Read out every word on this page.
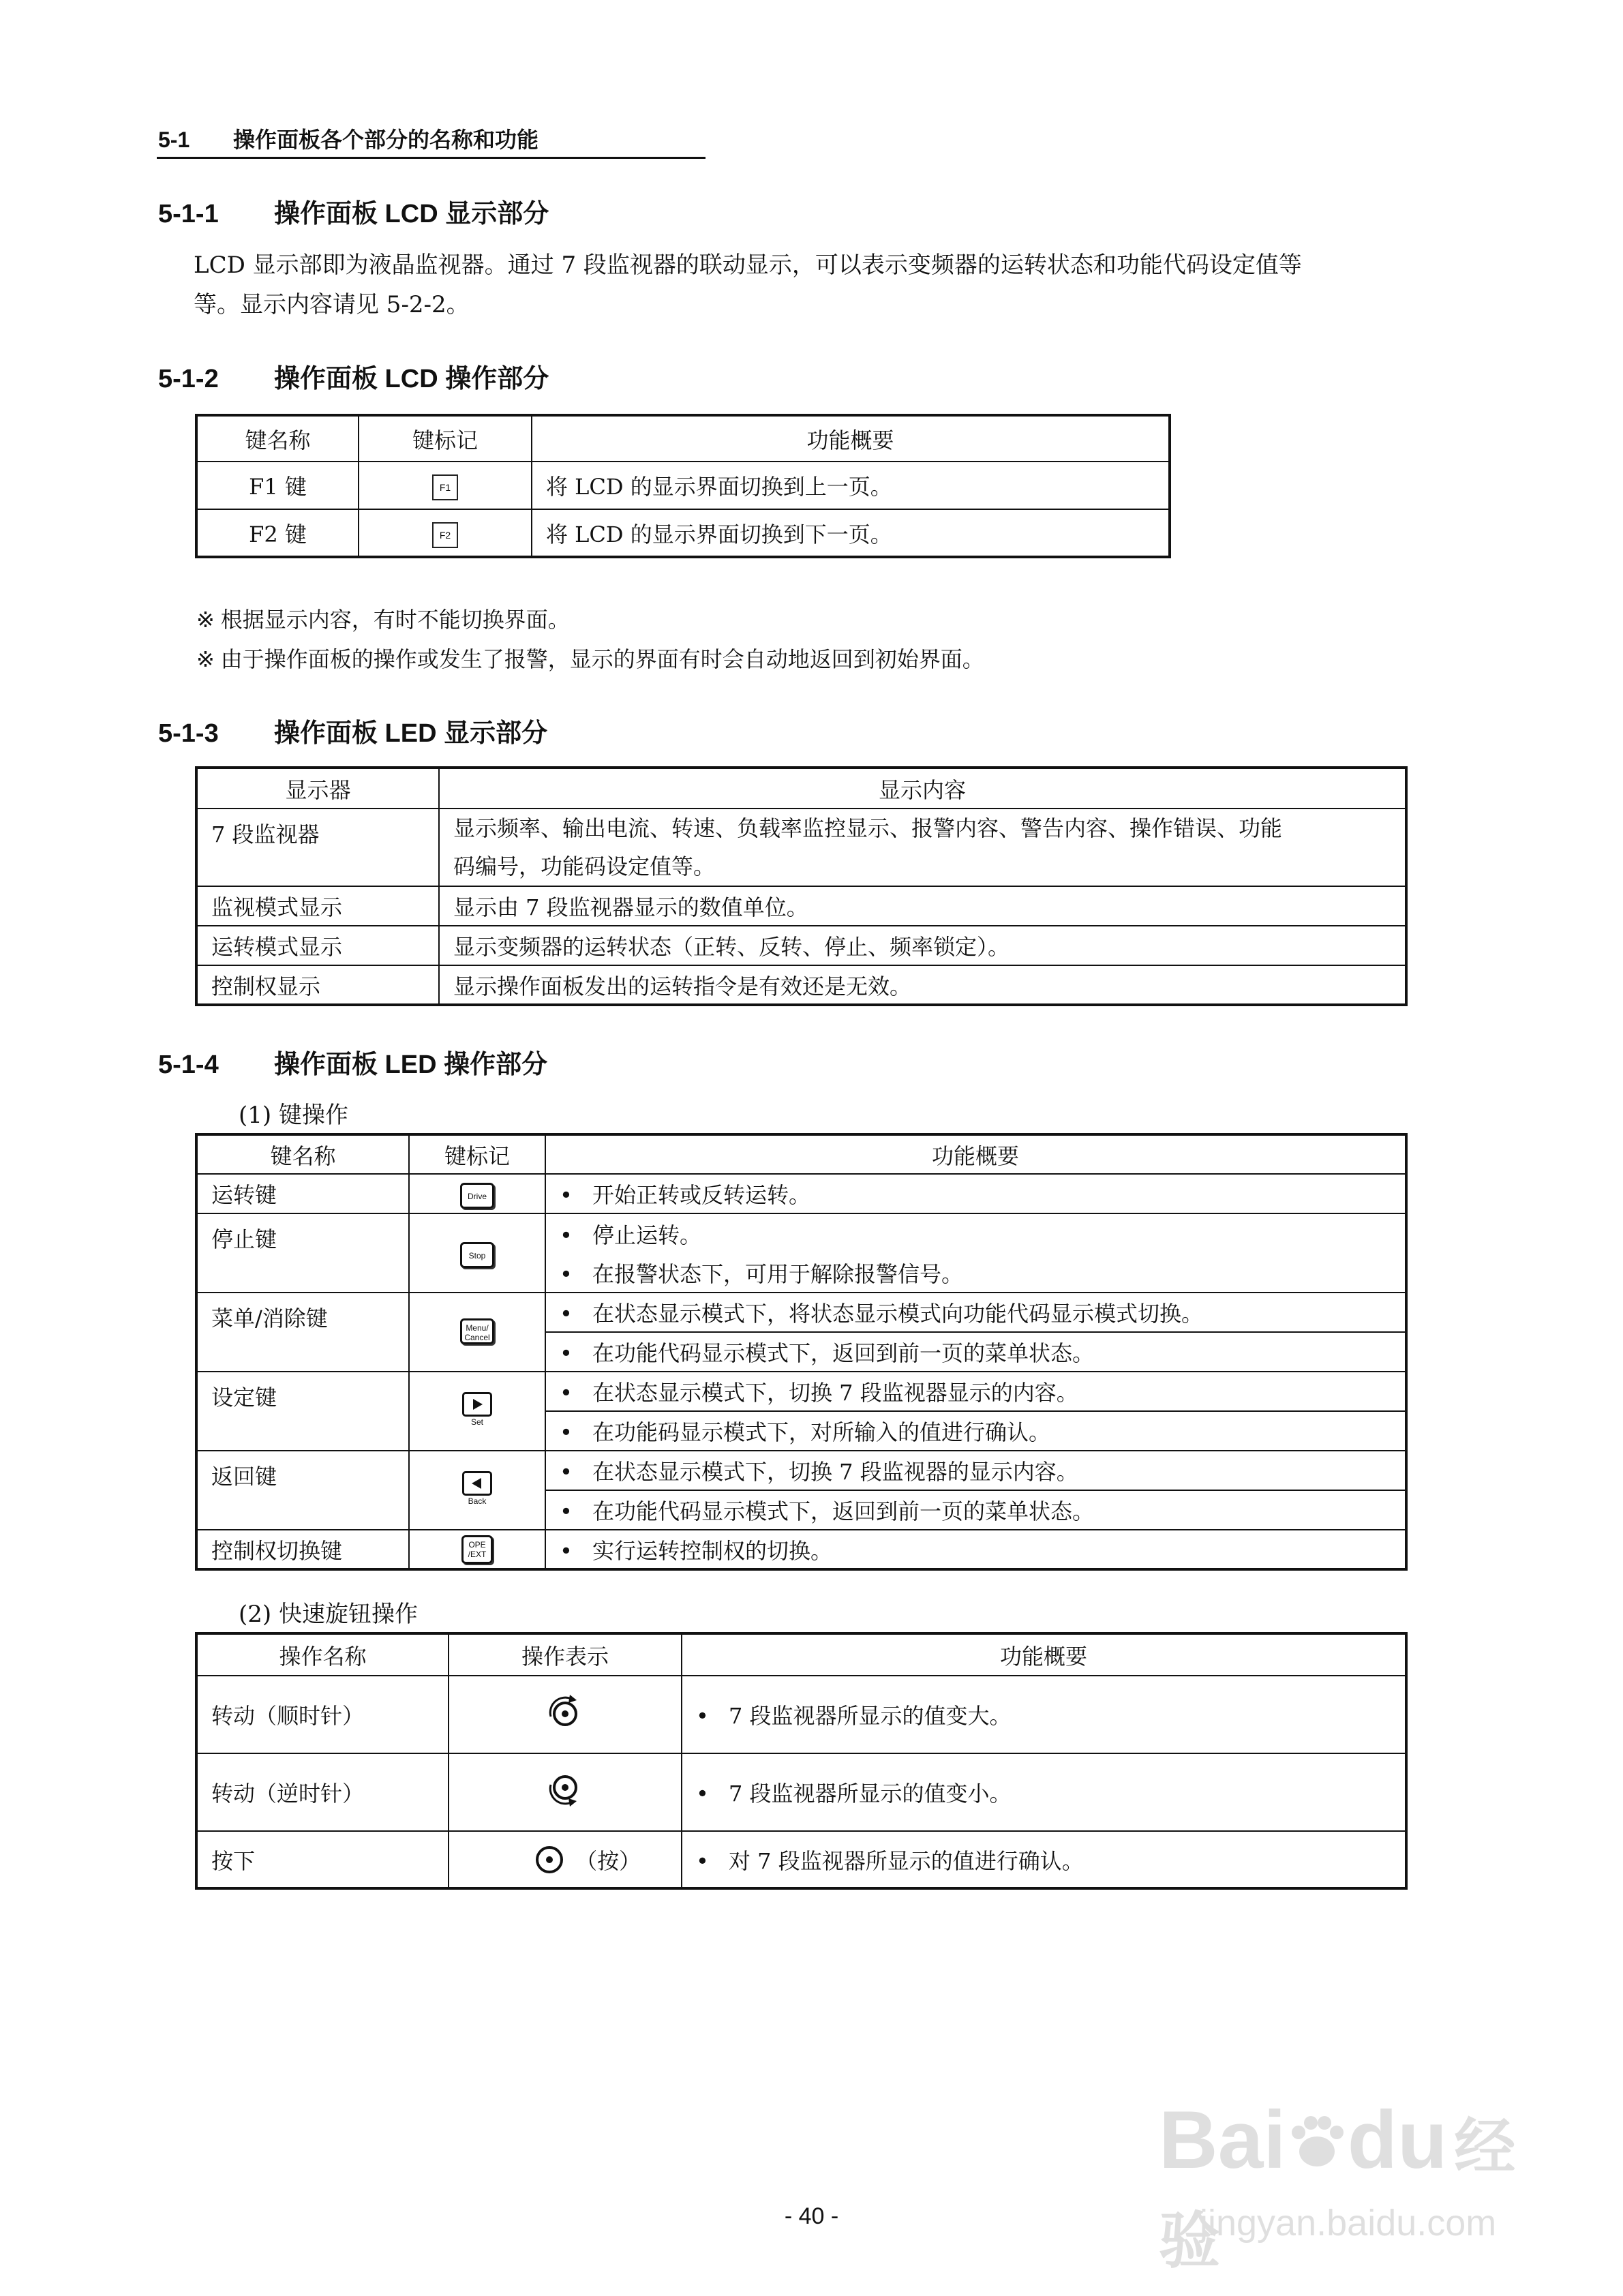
5-1 操作面板各个部分的名称和功能
5-1-1 操作面板 LCD 显示部分
LCD 显示部即为液晶监视器。通过 7 段监视器的联动显示，可以表示变频器的运转状态和功能代码设定值等
等。显示内容请见 5-2-2。
5-1-2 操作面板 LCD 操作部分
键名称	键标记	功能概要
F1 键	F1	将 LCD 的显示界面切换到上一页。
F2 键	F2	将 LCD 的显示界面切换到下一页。
※ 根据显示内容，有时不能切换界面。
※ 由于操作面板的操作或发生了报警，显示的界面有时会自动地返回到初始界面。
5-1-3 操作面板 LED 显示部分
显示器	显示内容
7 段监视器	显示频率、输出电流、转速、负载率监控显示、报警内容、警告内容、操作错误、功能
码编号，功能码设定值等。

监视模式显示	显示由 7 段监视器显示的数值单位。
运转模式显示	显示变频器的运转状态（正转、反转、停止、频率锁定）。
控制权显示	显示操作面板发出的运转指令是有效还是无效。
5-1-4 操作面板 LED 操作部分
(1) 键操作
键名称	键标记	功能概要
运转键	Drive	• 开始正转或反转运转。
停止键	Stop	• 停止运转。
		• 在报警状态下，可用于解除报警信号。
菜单/消除键	Menu/
Cancel	• 在状态显示模式下，将状态显示模式向功能代码显示模式切换。
		• 在功能代码显示模式下，返回到前一页的菜单状态。
设定键	Set	• 在状态显示模式下，切换 7 段监视器显示的内容。
		• 在功能码显示模式下，对所输入的值进行确认。
返回键	Back	• 在状态显示模式下，切换 7 段监视器的显示内容。
		• 在功能代码显示模式下，返回到前一页的菜单状态。
控制权切换键	OPE
/EXT	• 实行运转控制权的切换。
(2) 快速旋钮操作
操作名称	操作表示	功能概要
转动（顺时针）		• 7 段监视器所显示的值变大。
转动（逆时针）		• 7 段监视器所显示的值变小。
按下	（按）	• 对 7 段监视器所显示的值进行确认。
Bai du 经验
jingyan.baidu.com
- 40 -
